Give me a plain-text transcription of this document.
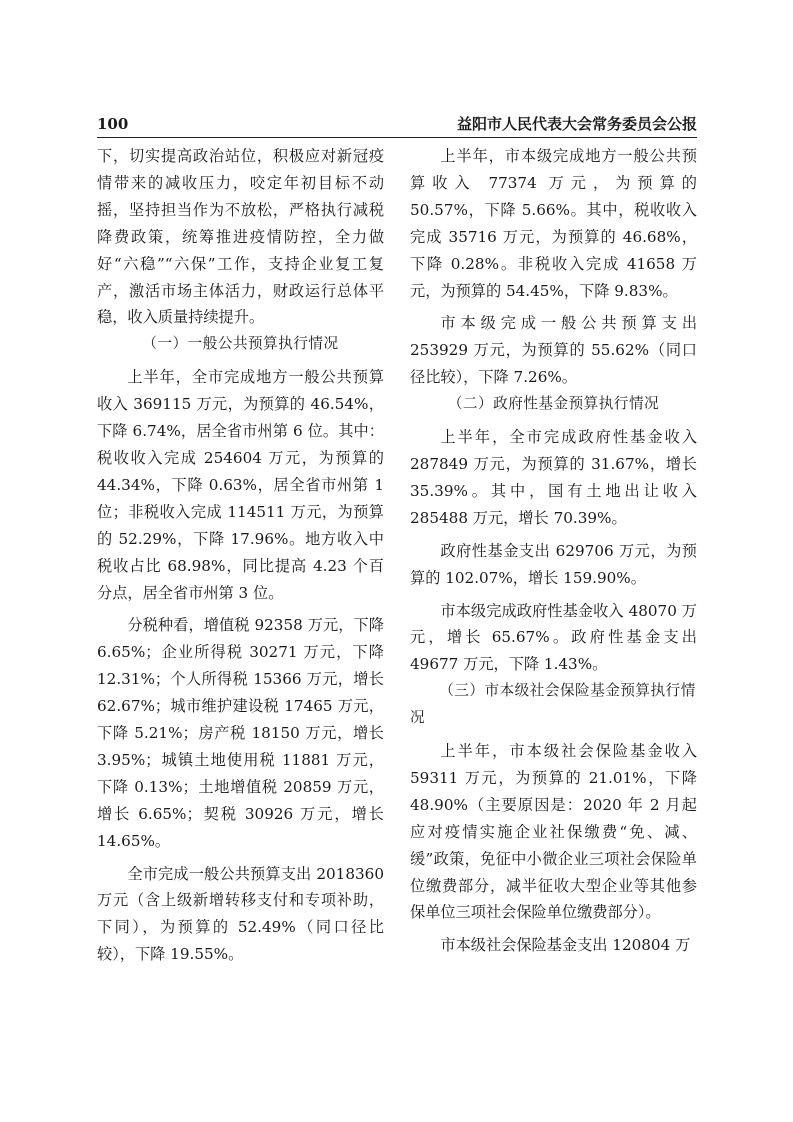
100	益阳市人民代表大会常务委员会公报

下，切实提高政治站位，积极应对新冠疫情带来的减收压力，咬定年初目标不动摇，坚持担当作为不放松，严格执行减税降费政策，统筹推进疫情防控，全力做好“六稳”“六保”工作，支持企业复工复产，激活市场主体活力，财政运行总体平稳，收入质量持续提升。

（一）一般公共预算执行情况

上半年，全市完成地方一般公共预算收入 369115 万元，为预算的 46.54%，下降 6.74%，居全省市州第 6 位。其中：税收收入完成 254604 万元，为预算的 44.34%，下降 0.63%，居全省市州第 1 位；非税收入完成 114511 万元，为预算的 52.29%，下降 17.96%。地方收入中税收占比 68.98%，同比提高 4.23 个百分点，居全省市州第 3 位。

分税种看，增值税 92358 万元，下降 6.65%；企业所得税 30271 万元，下降 12.31%；个人所得税 15366 万元，增长 62.67%；城市维护建设税 17465 万元，下降 5.21%；房产税 18150 万元，增长 3.95%；城镇土地使用税 11881 万元，下降 0.13%；土地增值税 20859 万元，增长 6.65%；契税 30926 万元，增长 14.65%。

全市完成一般公共预算支出 2018360 万元（含上级新增转移支付和专项补助，下同），为预算的 52.49%（同口径比较），下降 19.55%。

上半年，市本级完成地方一般公共预算收入 77374 万元，为预算的 50.57%，下降 5.66%。其中，税收收入完成 35716 万元，为预算的 46.68%，下降 0.28%。非税收入完成 41658 万元，为预算的 54.45%，下降 9.83%。

市本级完成一般公共预算支出 253929 万元，为预算的 55.62%（同口径比较），下降 7.26%。

（二）政府性基金预算执行情况

上半年，全市完成政府性基金收入 287849 万元，为预算的 31.67%，增长 35.39%。其中，国有土地出让收入 285488 万元，增长 70.39%。

政府性基金支出 629706 万元，为预算的 102.07%，增长 159.90%。

市本级完成政府性基金收入 48070 万元，增长 65.67%。政府性基金支出 49677 万元，下降 1.43%。

（三）市本级社会保险基金预算执行情况

上半年，市本级社会保险基金收入 59311 万元，为预算的 21.01%，下降 48.90%（主要原因是：2020 年 2 月起应对疫情实施企业社保缴费“免、减、缓”政策，免征中小微企业三项社会保险单位缴费部分，减半征收大型企业等其他参保单位三项社会保险单位缴费部分）。

市本级社会保险基金支出 120804 万
